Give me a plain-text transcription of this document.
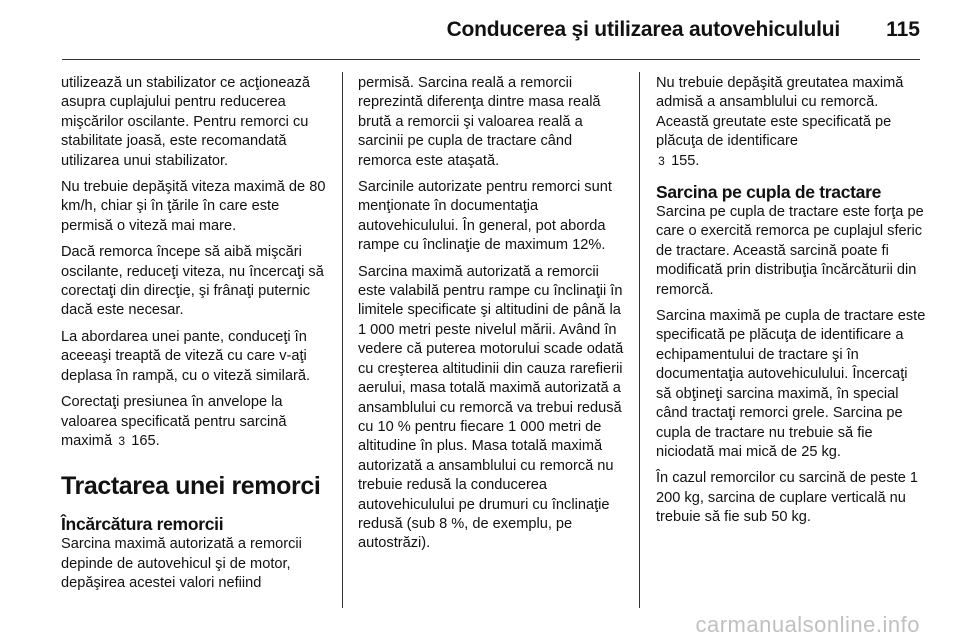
Conducerea şi utilizarea autovehiculului 115

utilizează un stabilizator ce acţionează asupra cuplajului pentru reducerea mişcărilor oscilante. Pentru remorci cu stabilitate joasă, este recomandată utilizarea unui stabilizator.

Nu trebuie depăşită viteza maximă de 80 km/h, chiar şi în ţările în care este permisă o viteză mai mare.

Dacă remorca începe să aibă mişcări oscilante, reduceţi viteza, nu încercaţi să corectaţi din direcţie, şi frânaţi puternic dacă este necesar.

La abordarea unei pante, conduceţi în aceeaşi treaptă de viteză cu care v-aţi deplasa în rampă, cu o viteză similară.

Corectaţi presiunea în anvelope la valoarea specificată pentru sarcină maximă 3 165.

Tractarea unei remorci
Încărcătura remorcii

Sarcina maximă autorizată a remorcii depinde de autovehicul şi de motor, depăşirea acestei valori nefiind

permisă. Sarcina reală a remorcii reprezintă diferenţa dintre masa reală brută a remorcii şi valoarea reală a sarcinii pe cupla de tractare când remorca este ataşată.

Sarcinile autorizate pentru remorci sunt menţionate în documentaţia autovehiculului. În general, pot aborda rampe cu înclinaţie de maximum 12%.

Sarcina maximă autorizată a remorcii este valabilă pentru rampe cu înclinaţii în limitele specificate şi altitudini de până la 1 000 metri peste nivelul mării. Având în vedere că puterea motorului scade odată cu creşterea altitudinii din cauza rarefierii aerului, masa totală maximă autorizată a ansamblului cu remorcă va trebui redusă cu 10 % pentru fiecare 1 000 metri de altitudine în plus. Masa totală maximă autorizată a ansamblului cu remorcă nu trebuie redusă la conducerea autovehiculului pe drumuri cu înclinaţie redusă (sub 8 %, de exemplu, pe autostrăzi).

Nu trebuie depăşită greutatea maximă admisă a ansamblului cu remorcă. Această greutate este specificată pe plăcuţa de identificare
3 155.

Sarcina pe cupla de tractare

Sarcina pe cupla de tractare este forţa pe care o exercită remorca pe cuplajul sferic de tractare. Această sarcină poate fi modificată prin distribuţia încărcăturii din remorcă.

Sarcina maximă pe cupla de tractare este specificată pe plăcuţa de identificare a echipamentului de tractare şi în documentaţia autovehiculului. Încercaţi să obţineţi sarcina maximă, în special când tractaţi remorci grele. Sarcina pe cupla de tractare nu trebuie să fie niciodată mai mică de 25 kg.

În cazul remorcilor cu sarcină de peste 1 200 kg, sarcina de cuplare verticală nu trebuie să fie sub 50 kg.

carmanualsonline.info
